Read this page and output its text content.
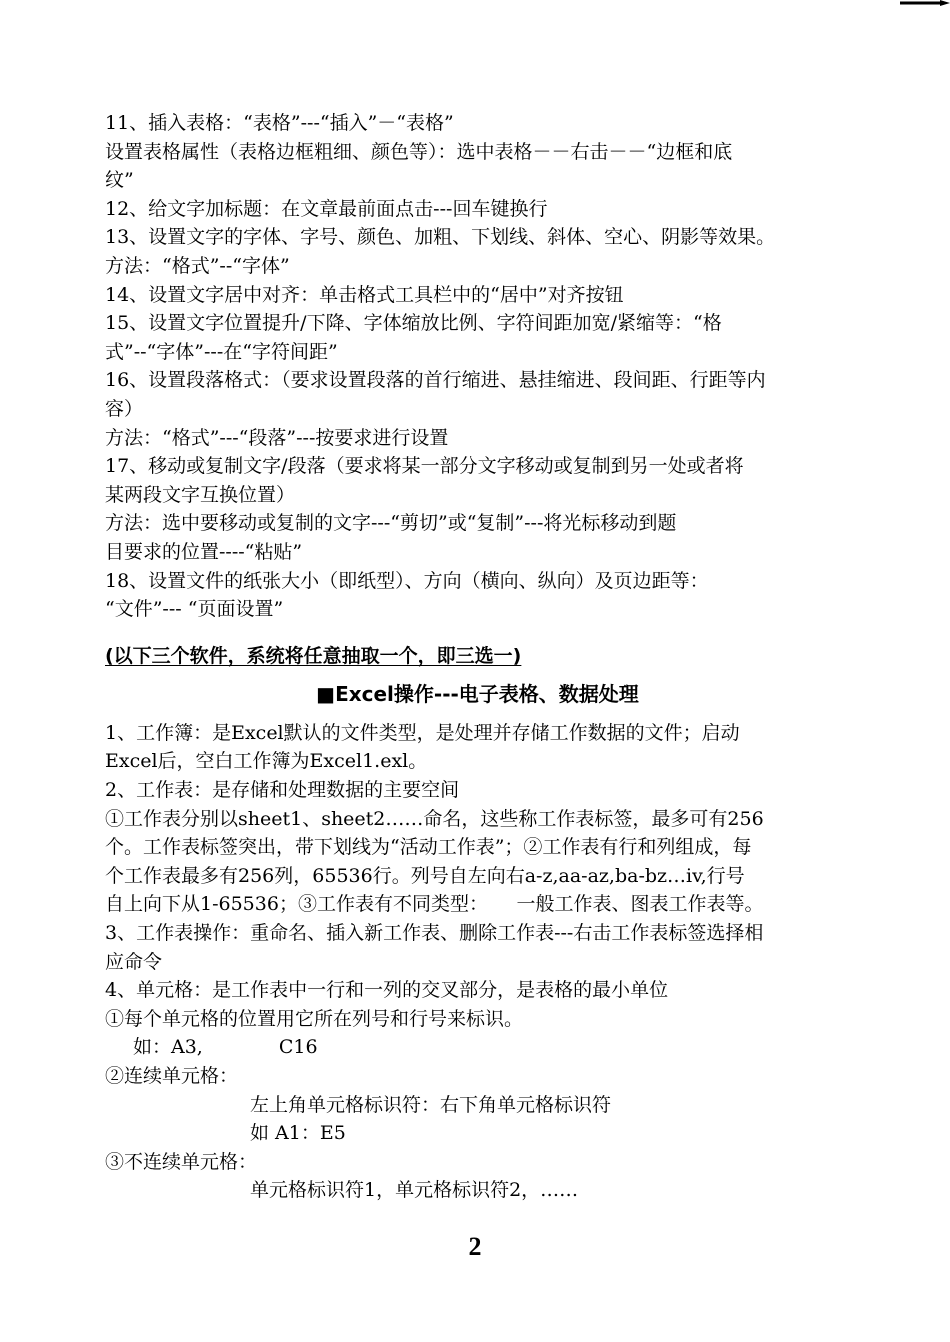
11、插入表格：“表格”---“插入”－“表格”

设置表格属性（表格边框粗细、颜色等）：选中表格－－右击－－“边框和底

纹”

12、给文字加标题：在文章最前面点击---回车键换行

13、设置文字的字体、字号、颜色、加粗、下划线、斜体、空心、阴影等效果。

方法：“格式”--“字体”

14、设置文字居中对齐：单击格式工具栏中的“居中”对齐按钮

15、设置文字位置提升/下降、字体缩放比例、字符间距加宽/紧缩等：“格

式”--“字体”---在“字符间距”

16、设置段落格式：（要求设置段落的首行缩进、悬挂缩进、段间距、行距等内

容）

方法：“格式”---“段落”---按要求进行设置

17、移动或复制文字/段落（要求将某一部分文字移动或复制到另一处或者将

某两段文字互换位置）

方法：选中要移动或复制的文字---“剪切”或“复制”---将光标移动到题

目要求的位置----“粘贴”

18、设置文件的纸张大小（即纸型）、方向（横向、纵向）及页边距等：

“文件”--- “页面设置”

(以下三个软件，系统将任意抽取一个，即三选一)

■Excel操作---电子表格、数据处理

1、工作簿：是Excel默认的文件类型，是处理并存储工作数据的文件；启动

Excel后，空白工作簿为Excel1.exl。

2、工作表：是存储和处理数据的主要空间

①工作表分别以sheet1、sheet2……命名，这些称工作表标签，最多可有256

个。工作表标签突出，带下划线为“活动工作表”；②工作表有行和列组成，每

个工作表最多有256列，65536行。列号自左向右a-z,aa-az,ba-bz…iv,行号

自上向下从1-65536；③工作表有不同类型：　　一般工作表、图表工作表等。

3、工作表操作：重命名、插入新工作表、删除工作表---右击工作表标签选择相

应命令

4、单元格：是工作表中一行和一列的交叉部分，是表格的最小单位

①每个单元格的位置用它所在列号和行号来标识。

如：A3,　　　　C16

②连续单元格：

左上角单元格标识符：右下角单元格标识符

如 A1：E5

③不连续单元格：

单元格标识符1，单元格标识符2，……

2
